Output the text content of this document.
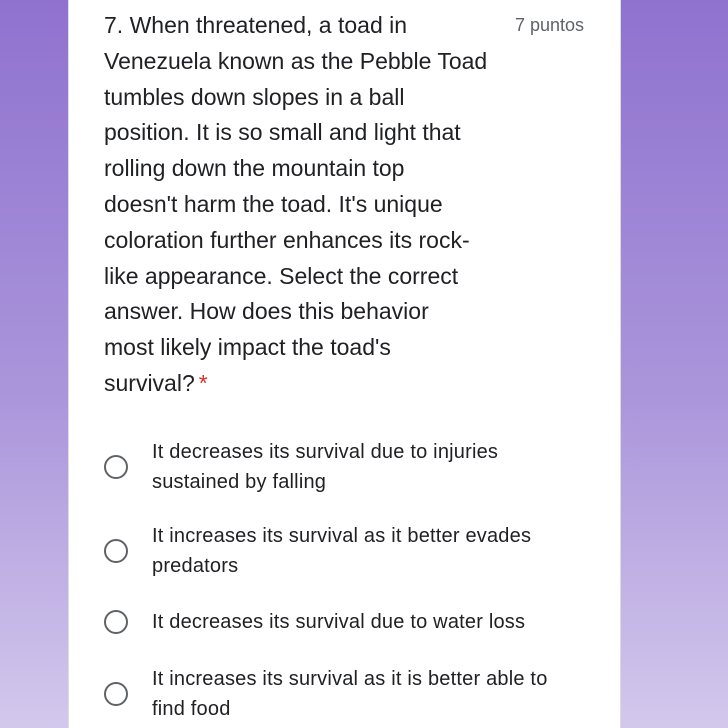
7. When threatened, a toad in
Venezuela known as the Pebble Toad
tumbles down slopes in a ball
position. It is so small and light that
rolling down the mountain top
doesn't harm the toad. It's unique
coloration further enhances its rock-
like appearance. Select the correct
answer. How does this behavior
most likely impact the toad's
survival? *
7 puntos
It decreases its survival due to injuries
sustained by falling
It increases its survival as it better evades
predators
It decreases its survival due to water loss
It increases its survival as it is better able to
find food
